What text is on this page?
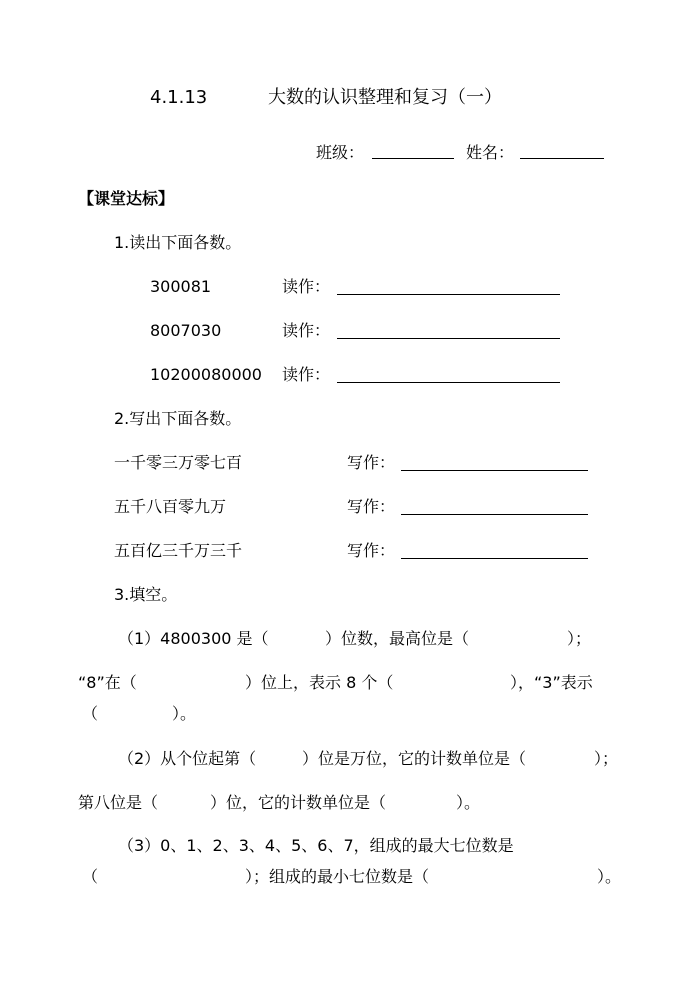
4.1.13	大数的认识整理和复习（一）
班级：	姓名：
【课堂达标】
1.读出下面各数。
300081	读作：
8007030	读作：
10200080000 读作：
2.写出下面各数。
一千零三万零七百	写作：
五千八百零九万	写作：
五百亿三千万三千	写作：
3.填空。
（1）4800300 是（	）位数，最高位是（	）；
“8”在（	）位上，表示 8 个（	），“3”表示
（	）。
（2）从个位起第（	）位是万位，它的计数单位是（	）；
第八位是（	）位，它的计数单位是（	）。
（3）0、1、2、3、4、5、6、7，组成的最大七位数是
（	）；组成的最小七位数是（	）。
